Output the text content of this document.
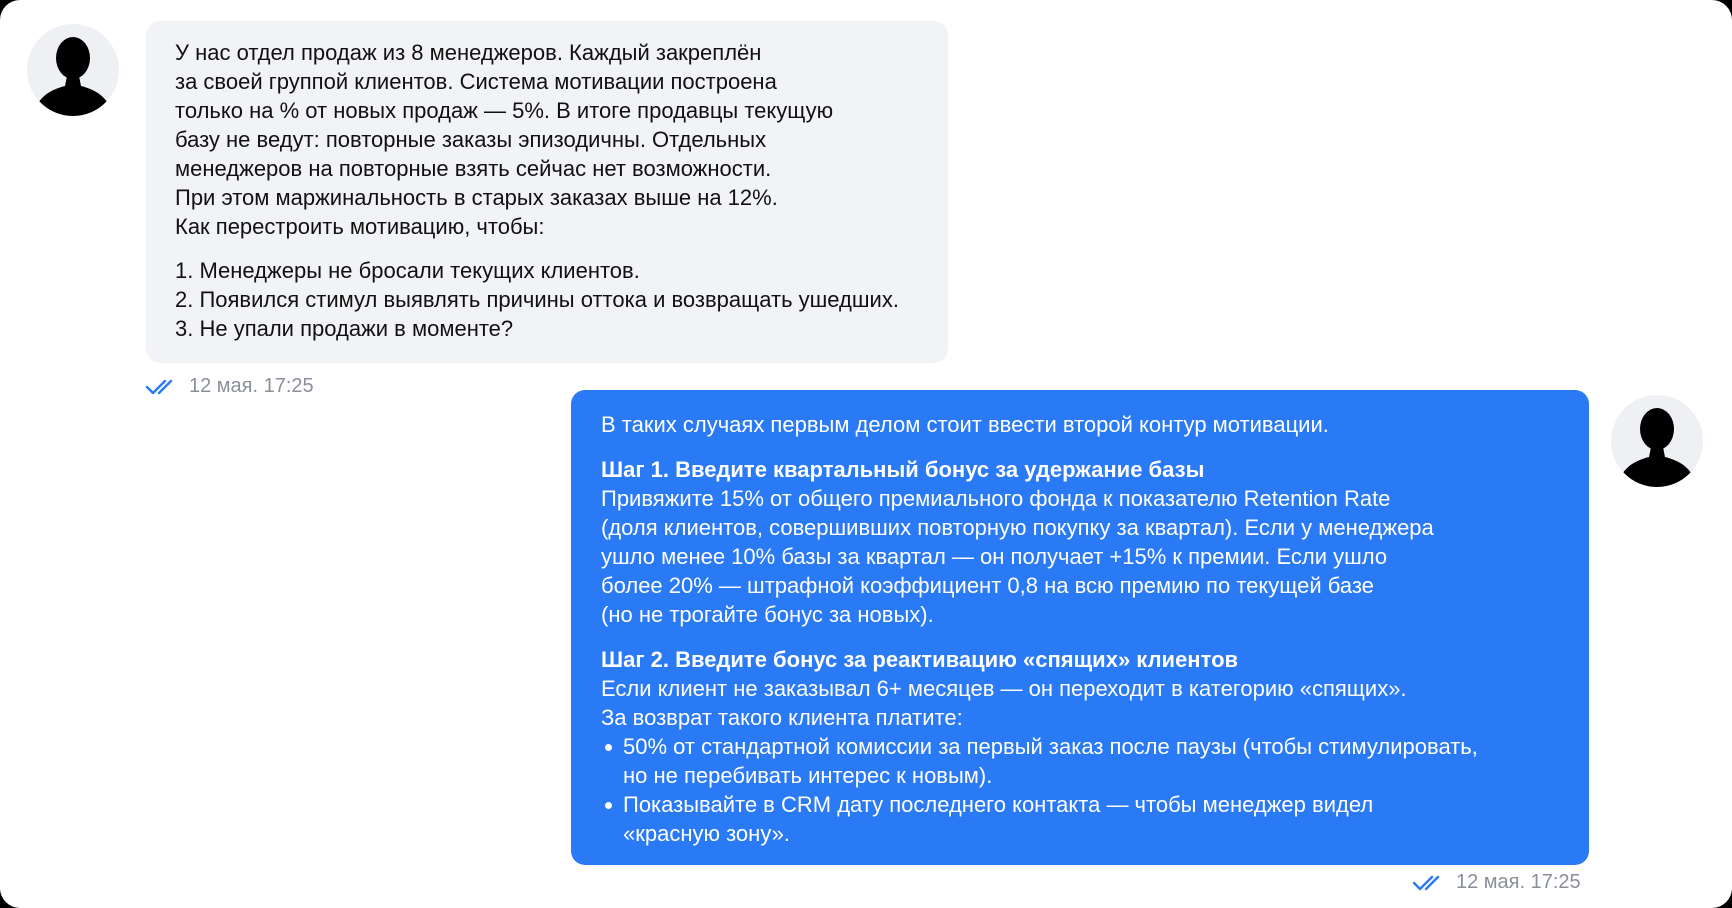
У нас отдел продаж из 8 менеджеров. Каждый закреплён
за своей группой клиентов. Система мотивации построена
только на % от новых продаж — 5%. В итоге продавцы текущую
базу не ведут: повторные заказы эпизодичны. Отдельных
менеджеров на повторные взять сейчас нет возможности.
При этом маржинальность в старых заказах выше на 12%.
Как перестроить мотивацию, чтобы:
1. Менеджеры не бросали текущих клиентов.
2. Появился стимул выявлять причины оттока и возвращать ушедших.
3. Не упали продажи в моменте?
12 мая. 17:25
В таких случаях первым делом стоит ввести второй контур мотивации.
Шаг 1. Введите квартальный бонус за удержание базы
Привяжите 15% от общего премиального фонда к показателю Retention Rate
(доля клиентов, совершивших повторную покупку за квартал). Если у менеджера
ушло менее 10% базы за квартал — он получает +15% к премии. Если ушло
более 20% — штрафной коэффициент 0,8 на всю премию по текущей базе
(но не трогайте бонус за новых).
Шаг 2. Введите бонус за реактивацию «спящих» клиентов
Если клиент не заказывал 6+ месяцев — он переходит в категорию «спящих».
За возврат такого клиента платите:
50% от стандартной комиссии за первый заказ после паузы (чтобы стимулировать,
но не перебивать интерес к новым).
Показывайте в CRM дату последнего контакта — чтобы менеджер видел
«красную зону».
12 мая. 17:25
